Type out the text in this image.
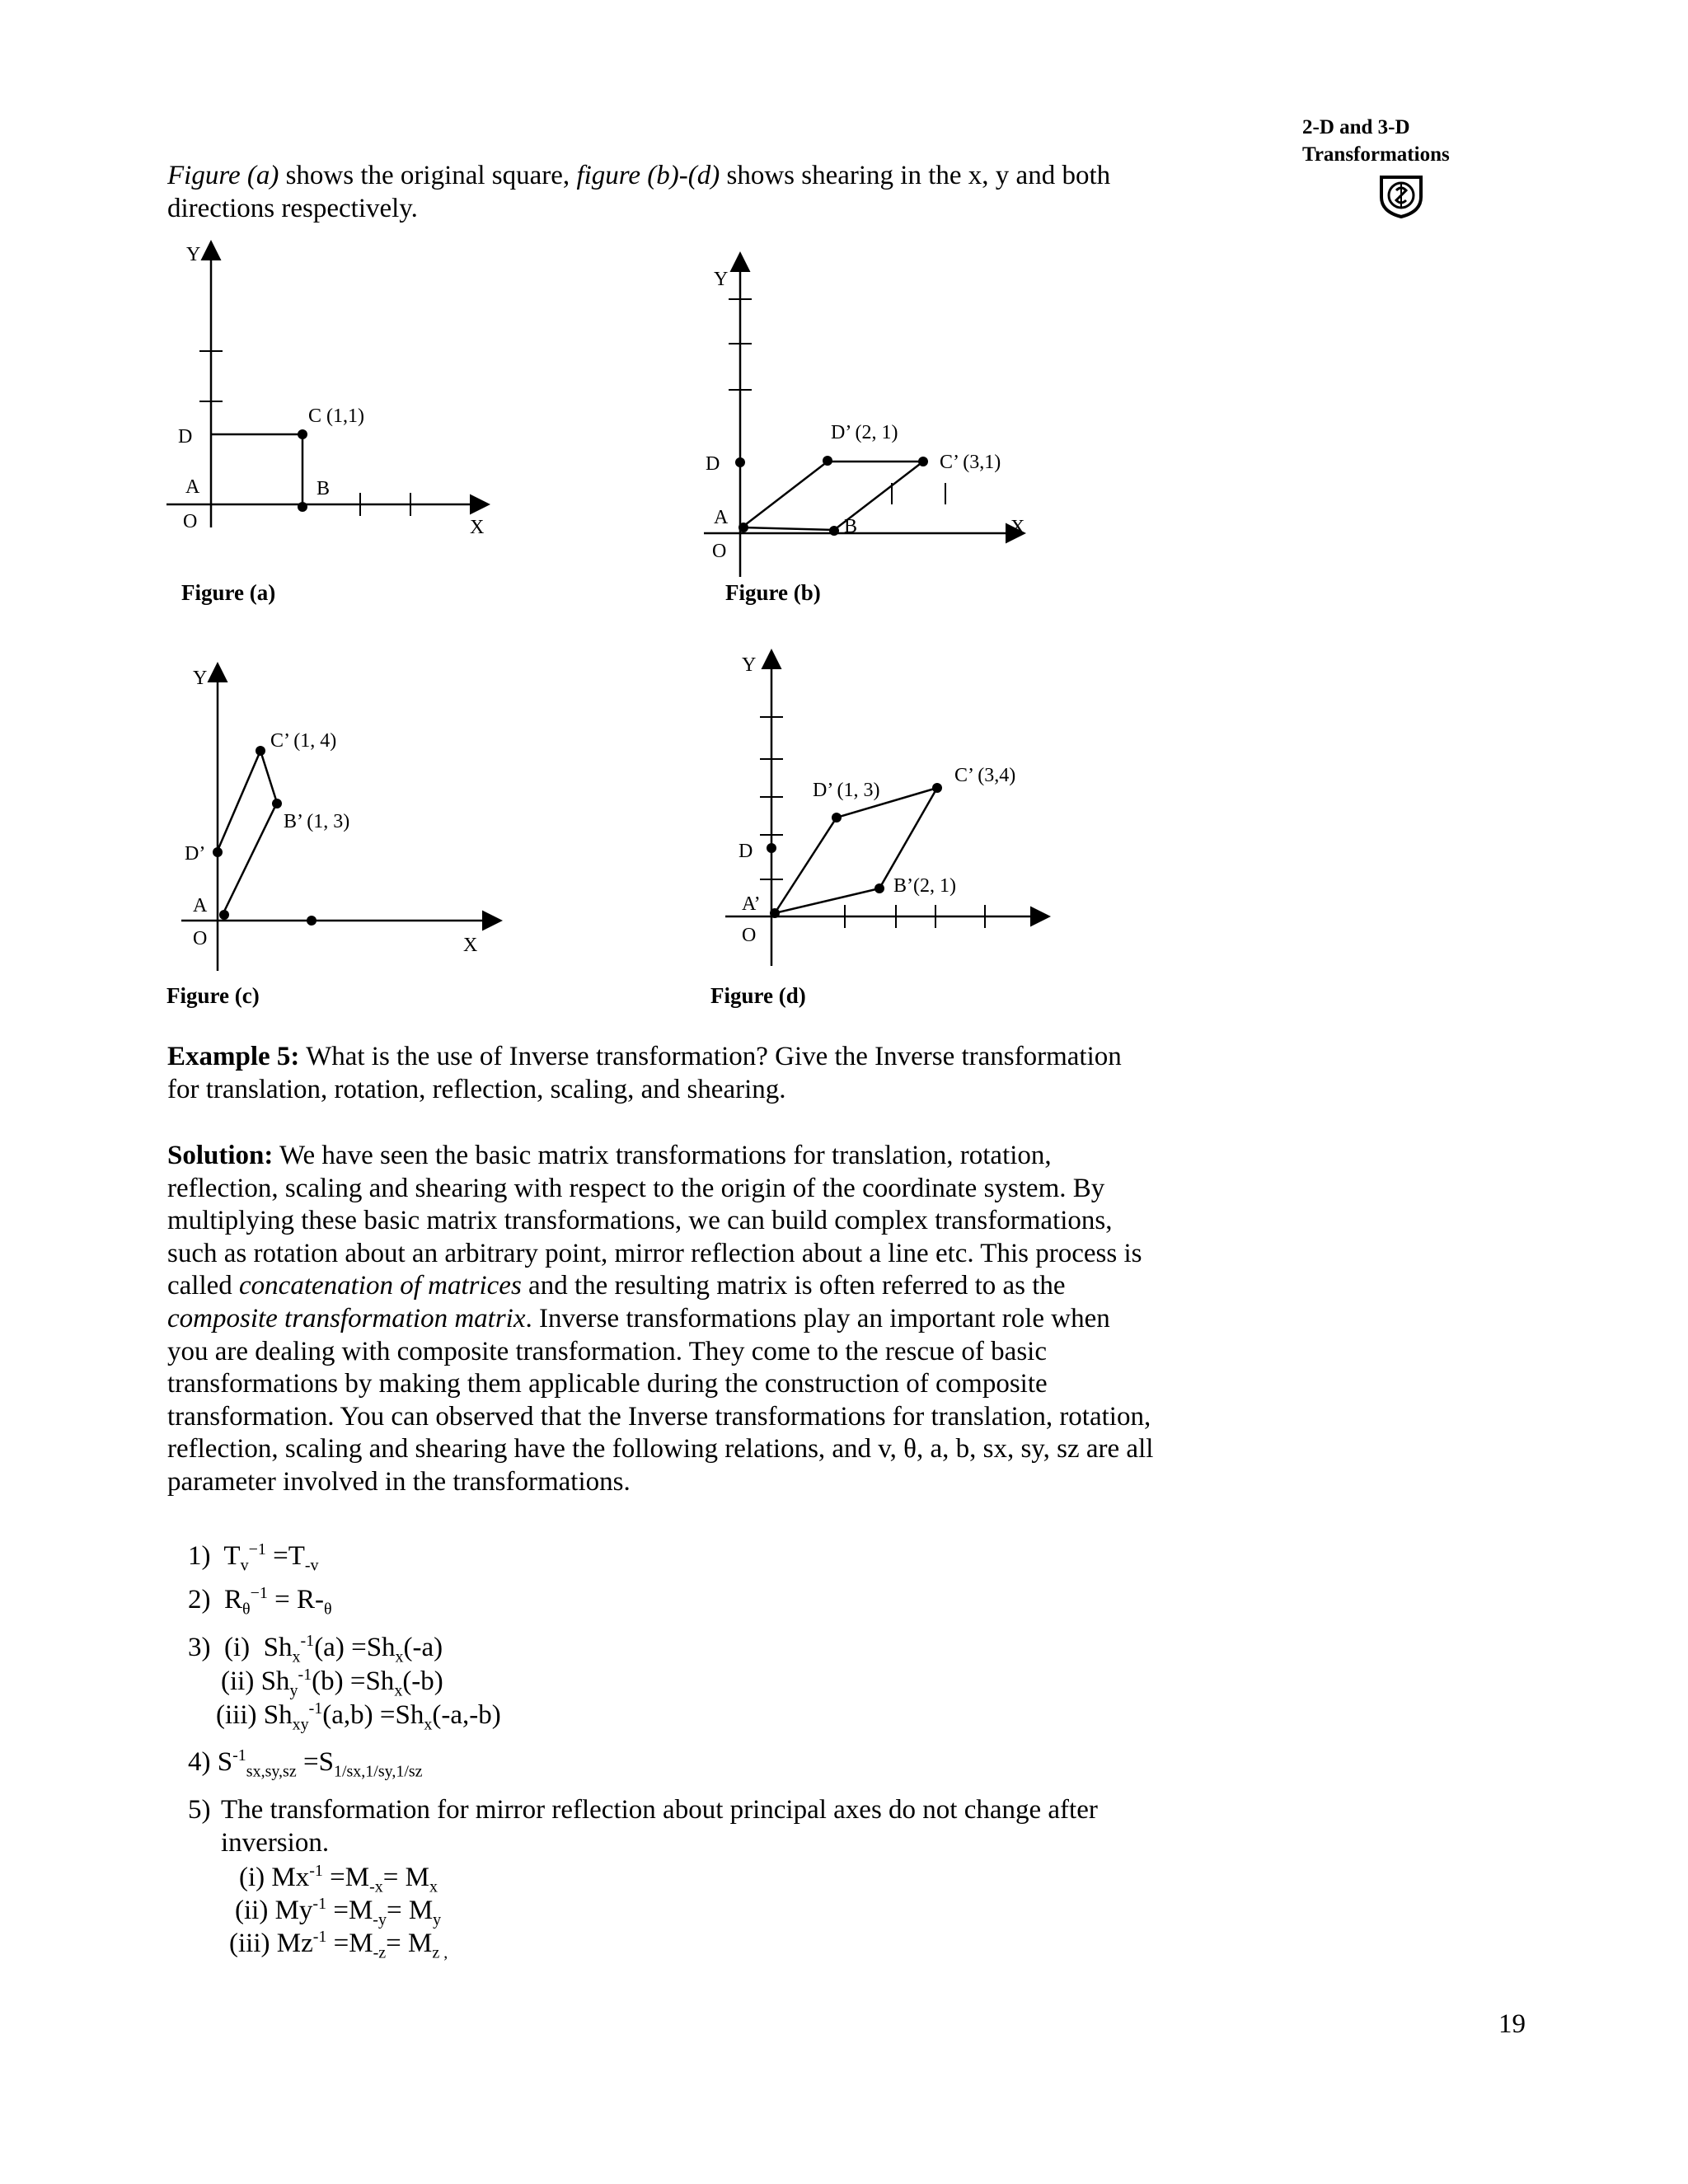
2-D and 3-D
Transformations
Figure (a) shows the original square, figure (b)-(d) shows shearing in the x, y and both directions respectively.
Y
X
O
A	B
D
C (1,1)
Figure (a)
Y
X
O
A	B
D
D’ (2, 1)
C’ (3,1)
Figure (b)
Y
X
O
A
D’
C’ (1, 4)
B’ (1, 3)
Figure (c)
Y
O
A’
D
D’ (1, 3)
C’ (3,4)
B’(2, 1)
Figure (d)
Example 5: What is the use of Inverse transformation? Give the Inverse transformation for translation, rotation, reflection, scaling, and shearing.
Solution: We have seen the basic matrix transformations for translation, rotation, reflection, scaling and shearing with respect to the origin of the coordinate system. By multiplying these basic matrix transformations, we can build complex transformations, such as rotation about an arbitrary point, mirror reflection about a line etc. This process is called concatenation of matrices and the resulting matrix is often referred to as the composite transformation matrix. Inverse transformations play an important role when you are dealing with composite transformation. They come to the rescue of basic transformations by making them applicable during the construction of composite transformation. You can observed that the Inverse transformations for translation, rotation, reflection, scaling and shearing have the following relations, and v, θ, a, b, sx, sy, sz are all parameter involved in the transformations.
1) $T_v^{-1} =T_{-v}$
2) $R_\theta^{-1} = R-_\theta$
3) (i) $Sh_x^{-1}(a) =Sh_x(-a)$
(ii) $Sh_y^{-1}(b) =Sh_x(-b)$
(iii) $Sh_{xy}^{-1}(a,b) =Sh_x(-a,-b)$
4) $S^{-1}_{sx,sy,sz} =S_{1/sx,1/sy,1/sz}$
5) The transformation for mirror reflection about principal axes do not change after inversion.
(i) $Mx^{-1} =M_{-x}= M_x$
(ii) $My^{-1} =M_{-y}= M_y$
(iii) $Mz^{-1} =M_{-z}= M_{z ,}$
19
